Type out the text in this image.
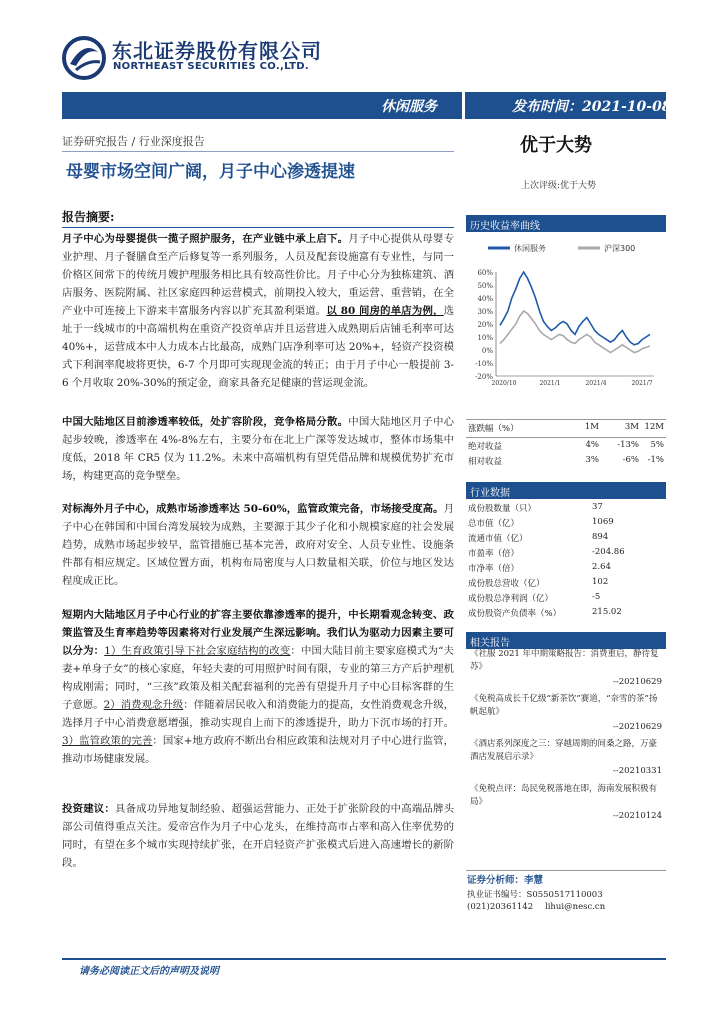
东北证券股份有限公司
NORTHEAST SECURITIES CO.,LTD.
休闲服务	发布时间：2021-10-08
证券研究报告 / 行业深度报告	优于大势
母婴市场空间广阔，月子中心渗透提速
上次评级:优于大势
报告摘要:
月子中心为母婴提供一揽子照护服务，在产业链中承上启下。月子中心提供从母婴专业护理、月子餐膳食至产后修复等一系列服务，人员及配套设施富有专业性，与同一价格区间常下的传统月嫂护理服务相比具有较高性价比。月子中心分为独栋建筑、酒店服务、医院附属、社区家庭四种运营模式，前期投入较大，重运营、重营销，在全产业中可连接上下游来丰富服务内容以扩充其盈利渠道。以 80 间房的单店为例，选址于一线城市的中高端机构在重资产投资单店并且运营进入成熟期后店铺毛利率可达 40%+，运营成本中人力成本占比最高，成熟门店净利率可达 20%+，轻资产投资模式下利润率爬坡将更快，6-7 个月即可实现现金流的转正；由于月子中心一般提前 3-6 个月收取 20%-30%的预定金，商家具备充足健康的营运现金流。
中国大陆地区目前渗透率较低，处扩容阶段，竞争格局分散。中国大陆地区月子中心起步较晚，渗透率在 4%-8%左右，主要分布在北上广深等发达城市，整体市场集中度低，2018 年 CR5 仅为 11.2%。未来中高端机构有望凭借品牌和规模优势扩充市场，构建更高的竞争壁垒。
对标海外月子中心，成熟市场渗透率达 50-60%，监管政策完备，市场接受度高。月子中心在韩国和中国台湾发展较为成熟，主要源于其少子化和小规模家庭的社会发展趋势，成熟市场起步较早，监管措施已基本完善，政府对安全、人员专业性、设施条件都有相应规定。区域位置方面，机构布局密度与人口数量相关联，价位与地区发达程度成正比。
短期内大陆地区月子中心行业的扩容主要依靠渗透率的提升，中长期看观念转变、政策监管及生育率趋势等因素将对行业发展产生深远影响。我们认为驱动力因素主要可以分为：1）生育政策引导下社会家庭结构的改变：中国大陆目前主要家庭模式为“夫妻+单身子女”的核心家庭，年轻夫妻的可用照护时间有限，专业的第三方产后护理机构成刚需；同时，“三孩”政策及相关配套福利的完善有望提升月子中心目标客群的生子意愿。2）消费观念升级：伴随着居民收入和消费能力的提高，女性消费观念升级，选择月子中心消费意愿增强，推动实现自上而下的渗透提升，助力下沉市场的打开。3）监管政策的完善：国家+地方政府不断出台相应政策和法规对月子中心进行监管，推动市场健康发展。
投资建议：具备成功异地复制经验、超强运营能力、正处于扩张阶段的中高端品牌头部公司值得重点关注。爱帝宫作为月子中心龙头，在维持高市占率和高入住率优势的同时，有望在多个城市实现持续扩张，在开启轻资产扩张模式后进入高速增长的新阶段。
历史收益率曲线
休闲服务	沪深300
60%
50%
40%
30%
20%
10%
0%
-10%
-20%
2020/10	2021/1	2021/4	2021/7
行业数据
相关报告
证券分析师：李慧
执业证书编号：S0550517110003
(021)20361142 lihui@nesc.cn
请务必阅读正文后的声明及说明
涨跌幅（%）	1M	3M 12M
绝对收益	4% -13% 5%
相对收益	3%	-6% -1%
成份股数量（只）	37
总市值（亿）	1069
流通市值（亿）	894
市盈率（倍）	-204.86
市净率（倍）	2.64
成份股总营收（亿）	102
成份股总净利润（亿）	-5
成份股资产负债率（%）	215.02
《社服 2021 年中期策略报告：消费重启，静待复苏》
--20210629
《免税高成长千亿级“新茶饮”赛道，“奈雪的茶”扬帆起航》
--20210629
《酒店系列深度之三：穿越周期的间桑之路，万豪酒店发展启示录》
--20210331
《免税点评：岛民免税落地在即，海南发展积极有局》
--20210124
